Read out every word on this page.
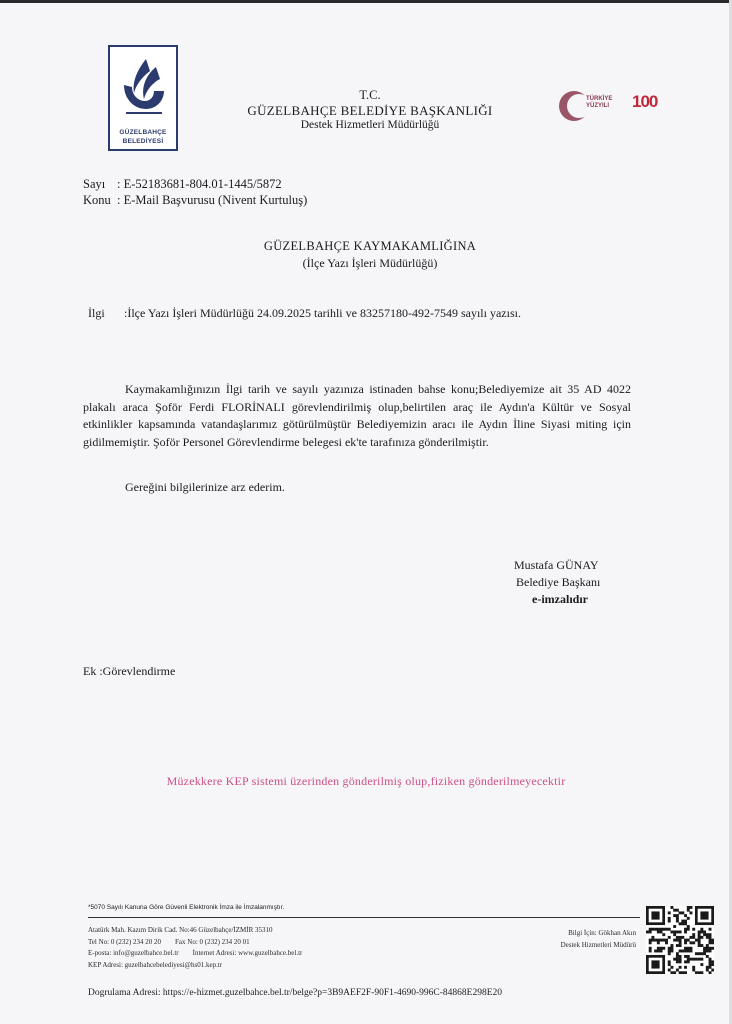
GÜZELBAHÇE
BELEDİYESİ
T.C.
GÜZELBAHÇE BELEDİYE BAŞKANLIĞI
Destek Hizmetleri Müdürlüğü
TÜRKİYE
YÜZYILI 100
Sayı : E-52183681-804.01-1445/5872
Konu : E-Mail Başvurusu (Nivent Kurtuluş)
GÜZELBAHÇE KAYMAKAMLIĞINA
(İlçe Yazı İşleri Müdürlüğü)
İlgi :İlçe Yazı İşleri Müdürlüğü 24.09.2025 tarihli ve 83257180-492-7549 sayılı yazısı.
Kaymakamlığınızın İlgi tarih ve sayılı yazınıza istinaden bahse konu;Belediyemize ait 35 AD 4022 plakalı araca Şoför Ferdi FLORİNALI görevlendirilmiş olup,belirtilen araç ile Aydın'a Kültür ve Sosyal etkinlikler kapsamında vatandaşlarımız götürülmüştür Belediyemizin aracı ile Aydın İline Siyasi miting için gidilmemiştir. Şoför Personel Görevlendirme belegesi ek'te tarafınıza gönderilmiştir.
Gereğini bilgilerinize arz ederim.
Mustafa GÜNAY
Belediye Başkanı
e-imzalıdır
Ek :Görevlendirme
Müzekkere KEP sistemi üzerinden gönderilmiş olup,fiziken gönderilmeyecektir
*5070 Sayılı Kanuna Göre Güvenli Elektronik İmza ile İmzalanmıştır.
Atatürk Mah. Kazım Dirik Cad. No:46 Güzelbahçe/İZMİR 35310
Tel No: 0 (232) 234 20 20 Fax No: 0 (232) 234 20 01
E-posta: info@guzelbahce.bel.tr İnternet Adresi: www.guzelbahce.bel.tr
KEP Adresi: guzelbahcebelediyesi@hs01.kep.tr
Bilgi İçin: Gökhan Akın
Destek Hizmetleri Müdürü
Dogrulama Adresi: https://e-hizmet.guzelbahce.bel.tr/belge?p=3B9AEF2F-90F1-4690-996C-84868E298E20
